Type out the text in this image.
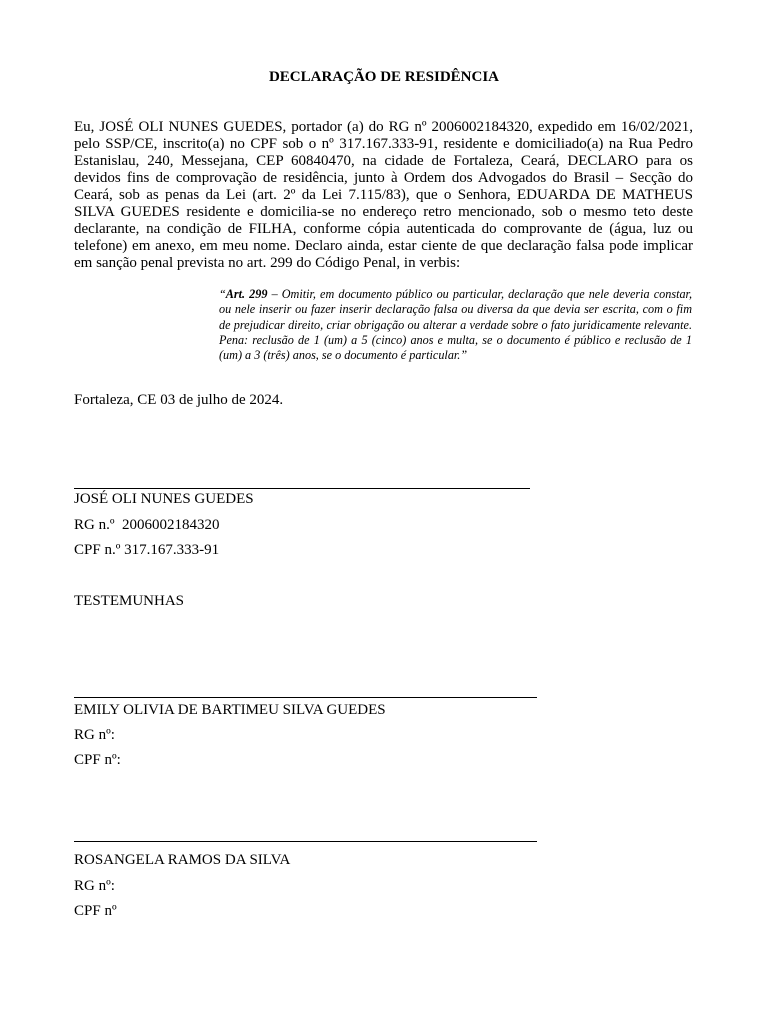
DECLARAÇÃO DE RESIDÊNCIA
Eu, JOSÉ OLI NUNES GUEDES, portador (a) do RG nº 2006002184320, expedido em 16/02/2021, pelo SSP/CE, inscrito(a) no CPF sob o nº 317.167.333-91, residente e domiciliado(a) na Rua Pedro Estanislau, 240, Messejana, CEP 60840470, na cidade de Fortaleza, Ceará, DECLARO para os devidos fins de comprovação de residência, junto à Ordem dos Advogados do Brasil – Secção do Ceará, sob as penas da Lei (art. 2º da Lei 7.115/83), que o Senhora, EDUARDA DE MATHEUS SILVA GUEDES residente e domicilia-se no endereço retro mencionado, sob o mesmo teto deste declarante, na condição de FILHA, conforme cópia autenticada do comprovante de (água, luz ou telefone) em anexo, em meu nome. Declaro ainda, estar ciente de que declaração falsa pode implicar em sanção penal prevista no art. 299 do Código Penal, in verbis:
“Art. 299 – Omitir, em documento público ou particular, declaração que nele deveria constar, ou nele inserir ou fazer inserir declaração falsa ou diversa da que devia ser escrita, com o fim de prejudicar direito, criar obrigação ou alterar a verdade sobre o fato juridicamente relevante. Pena: reclusão de 1 (um) a 5 (cinco) anos e multa, se o documento é público e reclusão de 1 (um) a 3 (três) anos, se o documento é particular.”
Fortaleza, CE 03 de julho de 2024.
JOSÉ OLI NUNES GUEDES
RG n.º  2006002184320
CPF n.º 317.167.333-91
TESTEMUNHAS
EMILY OLIVIA DE BARTIMEU SILVA GUEDES
RG nº:
CPF nº:
ROSANGELA RAMOS DA SILVA
RG nº:
CPF nº
